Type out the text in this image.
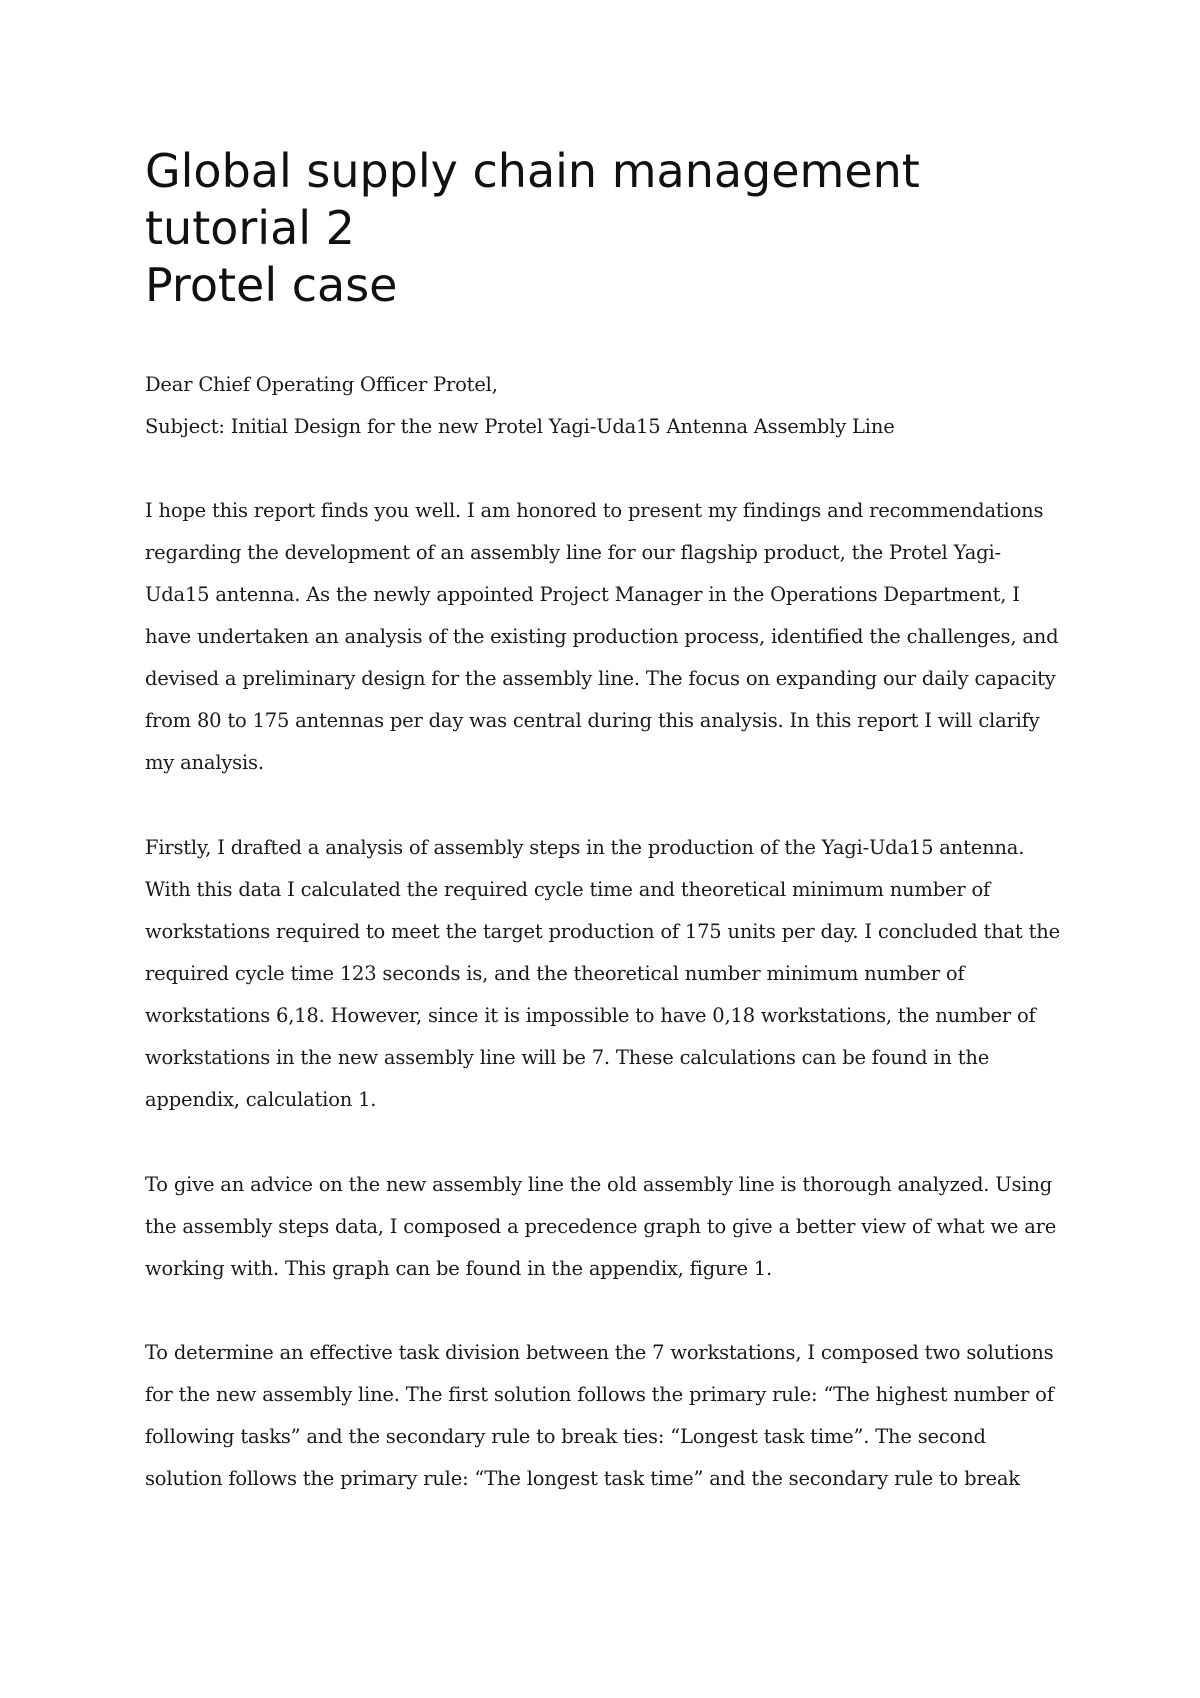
Global supply chain management
tutorial 2
Protel case
Dear Chief Operating Officer Protel,
Subject: Initial Design for the new Protel Yagi-Uda15 Antenna Assembly Line
I hope this report finds you well. I am honored to present my findings and recommendations
regarding the development of an assembly line for our flagship product, the Protel Yagi-
Uda15 antenna. As the newly appointed Project Manager in the Operations Department, I
have undertaken an analysis of the existing production process, identified the challenges, and
devised a preliminary design for the assembly line. The focus on expanding our daily capacity
from 80 to 175 antennas per day was central during this analysis. In this report I will clarify
my analysis.
Firstly, I drafted a analysis of assembly steps in the production of the Yagi-Uda15 antenna.
With this data I calculated the required cycle time and theoretical minimum number of
workstations required to meet the target production of 175 units per day. I concluded that the
required cycle time 123 seconds is, and the theoretical number minimum number of
workstations 6,18. However, since it is impossible to have 0,18 workstations, the number of
workstations in the new assembly line will be 7. These calculations can be found in the
appendix, calculation 1.
To give an advice on the new assembly line the old assembly line is thorough analyzed. Using
the assembly steps data, I composed a precedence graph to give a better view of what we are
working with. This graph can be found in the appendix, figure 1.
To determine an effective task division between the 7 workstations, I composed two solutions
for the new assembly line. The first solution follows the primary rule: “The highest number of
following tasks” and the secondary rule to break ties: “Longest task time”. The second
solution follows the primary rule: “The longest task time” and the secondary rule to break
